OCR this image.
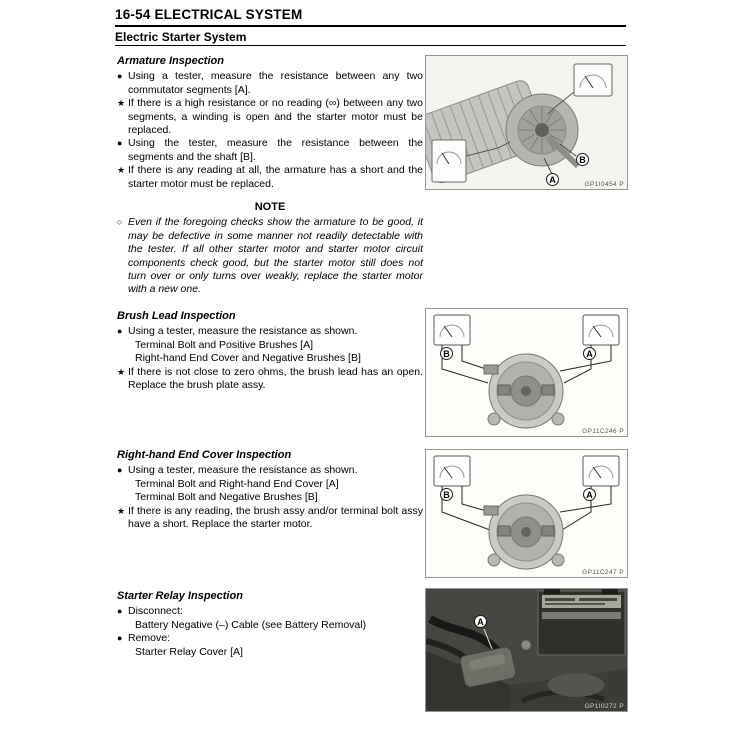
16-54 ELECTRICAL SYSTEM
Electric Starter System
Armature Inspection
● Using a tester, measure the resistance between any two commutator segments [A].
★ If there is a high resistance or no reading (∞) between any two segments, a winding is open and the starter motor must be replaced.
● Using the tester, measure the resistance between the segments and the shaft [B].
★ If there is any reading at all, the armature has a short and the starter motor must be replaced.
NOTE
○ Even if the foregoing checks show the armature to be good, it may be defective in some manner not readily detectable with the tester. If all other starter motor and starter motor circuit components check good, but the starter motor still does not turn over or only turns over weakly, replace the starter motor with a new one.
Brush Lead Inspection
● Using a tester, measure the resistance as shown.
Terminal Bolt and Positive Brushes [A]
Right-hand End Cover and Negative Brushes [B]
★ If there is not close to zero ohms, the brush lead has an open. Replace the brush plate assy.
Right-hand End Cover Inspection
● Using a tester, measure the resistance as shown.
Terminal Bolt and Right-hand End Cover [A]
Terminal Bolt and Negative Brushes [B]
★ If there is any reading, the brush assy and/or terminal bolt assy have a short. Replace the starter motor.
Starter Relay Inspection
● Disconnect:
Battery Negative (–) Cable (see Battery Removal)
● Remove:
Starter Relay Cover [A]
B
A	GP1I0454 P
B	A
GP11C246 P
B	A
GP11C247 P
A
GP1I0272 P
